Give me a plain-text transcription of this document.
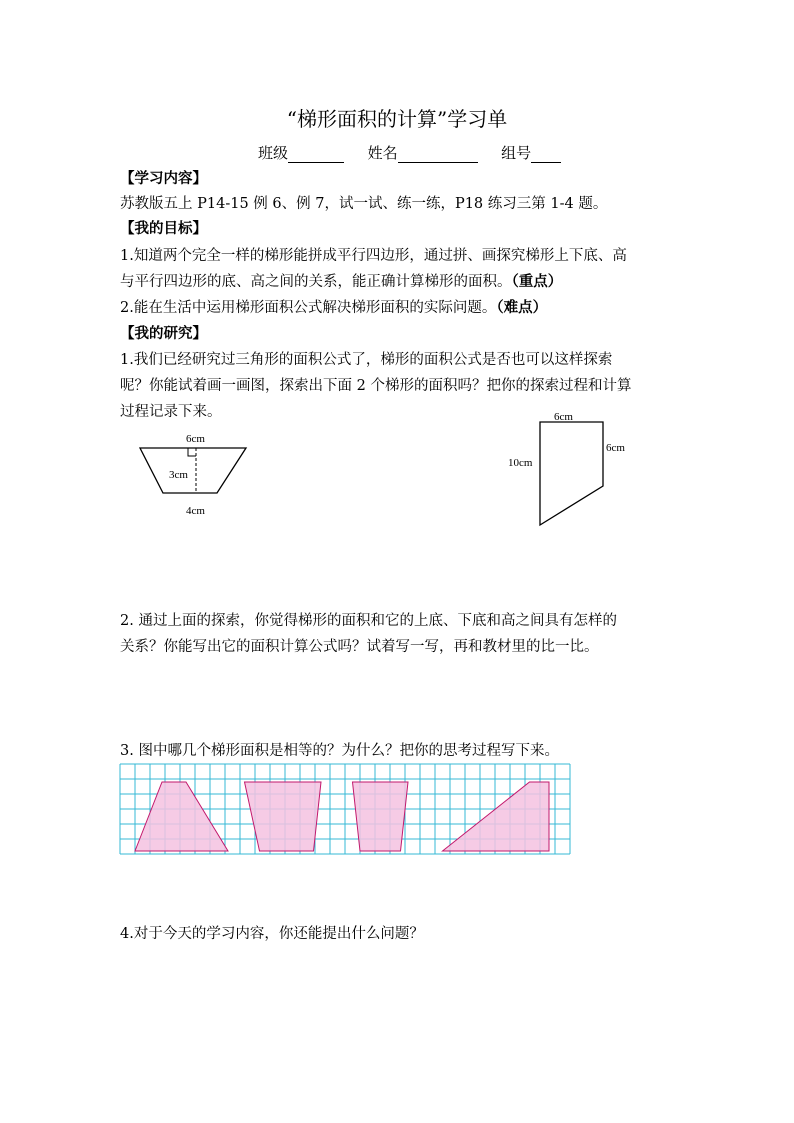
“梯形面积的计算”学习单
班级	姓名	组号
【学习内容】
苏教版五上 P14-15 例 6、例 7，试一试、练一练，P18 练习三第 1-4 题。
【我的目标】
1.知道两个完全一样的梯形能拼成平行四边形，通过拼、画探究梯形上下底、高
与平行四边形的底、高之间的关系，能正确计算梯形的面积。（重点）
2.能在生活中运用梯形面积公式解决梯形面积的实际问题。（难点）
【我的研究】
1.我们已经研究过三角形的面积公式了，梯形的面积公式是否也可以这样探索
呢？你能试着画一画图，探索出下面 2 个梯形的面积吗？把你的探索过程和计算
过程记录下来。
6cm
3cm
4cm
6cm
10cm
6cm
2. 通过上面的探索，你觉得梯形的面积和它的上底、下底和高之间具有怎样的
关系？你能写出它的面积计算公式吗？试着写一写，再和教材里的比一比。
3. 图中哪几个梯形面积是相等的？为什么？把你的思考过程写下来。
4.对于今天的学习内容，你还能提出什么问题？
